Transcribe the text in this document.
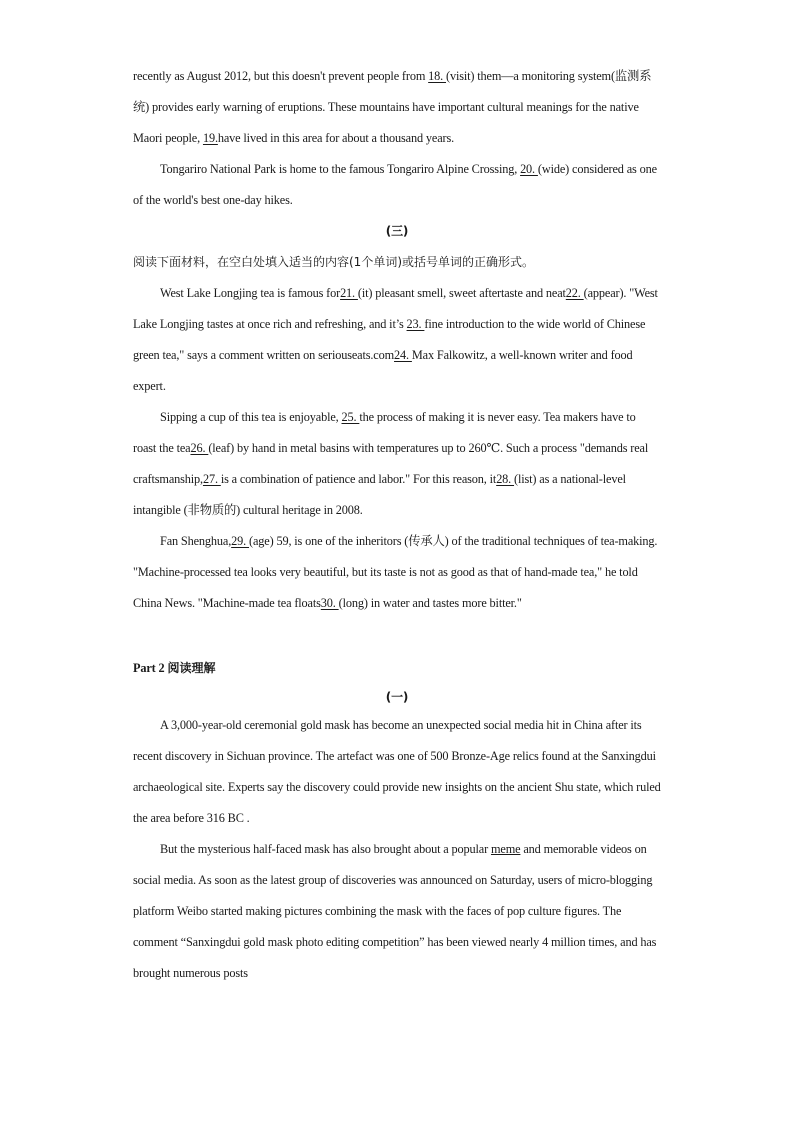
recently as August 2012, but this doesn't prevent people from 18. (visit) them—a monitoring system(监测系统) provides early warning of eruptions. These mountains have important cultural meanings for the native Maori people, 19.have lived in this area for about a thousand years.

Tongariro National Park is home to the famous Tongariro Alpine Crossing, 20. (wide) considered as one of the world's best one-day hikes.

(三)

阅读下面材料，在空白处填入适当的内容(1个单词)或括号单词的正确形式。

West Lake Longjing tea is famous for21. (it) pleasant smell, sweet aftertaste and neat22. (appear). "West Lake Longjing tastes at once rich and refreshing, and it’s 23. fine introduction to the wide world of Chinese green tea," says a comment written on seriouseats.com24. Max Falkowitz, a well-known writer and food expert.

Sipping a cup of this tea is enjoyable, 25. the process of making it is never easy. Tea makers have to roast the tea26. (leaf) by hand in metal basins with temperatures up to 260℃. Such a process "demands real craftsmanship,27. is a combination of patience and labor." For this reason, it28. (list) as a national-level intangible (非物质的) cultural heritage in 2008.

Fan Shenghua,29. (age) 59, is one of the inheritors (传承人) of the traditional techniques of tea-making. "Machine-processed tea looks very beautiful, but its taste is not as good as that of hand-made tea," he told China News. "Machine-made tea floats30. (long) in water and tastes more bitter."

Part 2 阅读理解

(一)

A 3,000-year-old ceremonial gold mask has become an unexpected social media hit in China after its recent discovery in Sichuan province. The artefact was one of 500 Bronze-Age relics found at the Sanxingdui archaeological site. Experts say the discovery could provide new insights on the ancient Shu state, which ruled the area before 316 BC .

But the mysterious half-faced mask has also brought about a popular meme and memorable videos on social media. As soon as the latest group of discoveries was announced on Saturday, users of micro-blogging platform Weibo started making pictures combining the mask with the faces of pop culture figures. The comment “Sanxingdui gold mask photo editing competition” has been viewed nearly 4 million times, and has brought numerous posts
